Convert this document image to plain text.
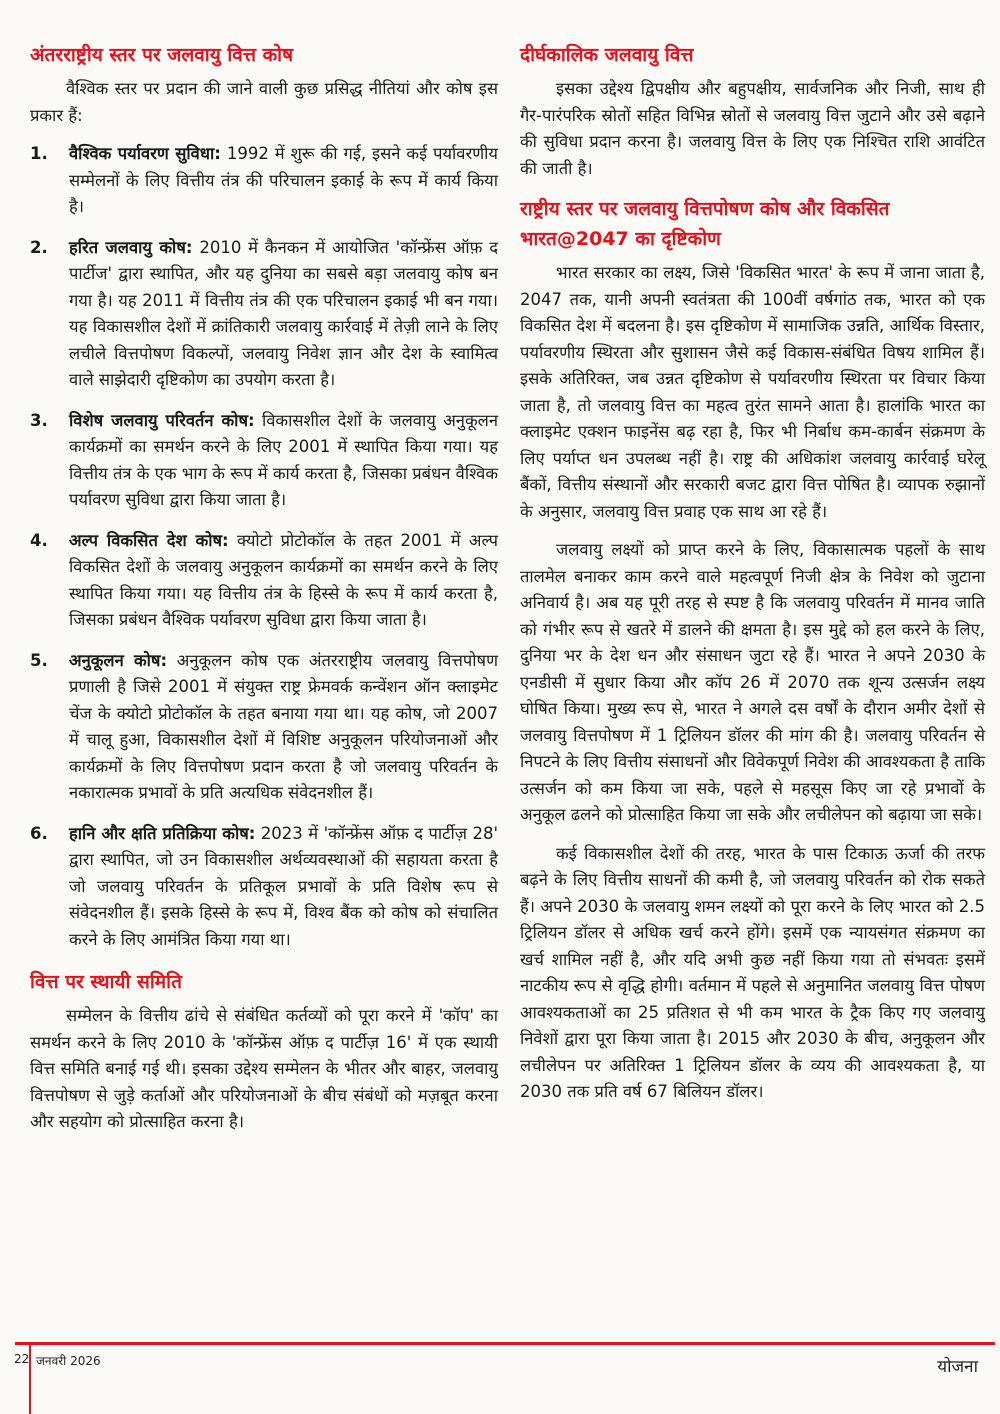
अंतरराष्ट्रीय स्तर पर जलवायु वित्त कोष

वैश्विक स्तर पर प्रदान की जाने वाली कुछ प्रसिद्ध नीतियां और कोष इस प्रकार हैं:

1. वैश्विक पर्यावरण सुविधा: 1992 में शुरू की गई, इसने कई पर्यावरणीय सम्मेलनों के लिए वित्तीय तंत्र की परिचालन इकाई के रूप में कार्य किया है।
2. हरित जलवायु कोष: 2010 में कैनकन में आयोजित 'कॉन्फ्रेंस ऑफ़ द पार्टीज' द्वारा स्थापित, और यह दुनिया का सबसे बड़ा जलवायु कोष बन गया है। यह 2011 में वित्तीय तंत्र की एक परिचालन इकाई भी बन गया। यह विकासशील देशों में क्रांतिकारी जलवायु कार्रवाई में तेज़ी लाने के लिए लचीले वित्तपोषण विकल्पों, जलवायु निवेश ज्ञान और देश के स्वामित्व वाले साझेदारी दृष्टिकोण का उपयोग करता है।
3. विशेष जलवायु परिवर्तन कोष: विकासशील देशों के जलवायु अनुकूलन कार्यक्रमों का समर्थन करने के लिए 2001 में स्थापित किया गया। यह वित्तीय तंत्र के एक भाग के रूप में कार्य करता है, जिसका प्रबंधन वैश्विक पर्यावरण सुविधा द्वारा किया जाता है।
4. अल्प विकसित देश कोष: क्योटो प्रोटोकॉल के तहत 2001 में अल्प विकसित देशों के जलवायु अनुकूलन कार्यक्रमों का समर्थन करने के लिए स्थापित किया गया। यह वित्तीय तंत्र के हिस्से के रूप में कार्य करता है, जिसका प्रबंधन वैश्विक पर्यावरण सुविधा द्वारा किया जाता है।
5. अनुकूलन कोष: अनुकूलन कोष एक अंतरराष्ट्रीय जलवायु वित्तपोषण प्रणाली है जिसे 2001 में संयुक्त राष्ट्र फ्रेमवर्क कन्वेंशन ऑन क्लाइमेट चेंज के क्योटो प्रोटोकॉल के तहत बनाया गया था। यह कोष, जो 2007 में चालू हुआ, विकासशील देशों में विशिष्ट अनुकूलन परियोजनाओं और कार्यक्रमों के लिए वित्तपोषण प्रदान करता है जो जलवायु परिवर्तन के नकारात्मक प्रभावों के प्रति अत्यधिक संवेदनशील हैं।
6. हानि और क्षति प्रतिक्रिया कोष: 2023 में 'कॉन्फ्रेंस ऑफ़ द पार्टीज़ 28' द्वारा स्थापित, जो उन विकासशील अर्थव्यवस्थाओं की सहायता करता है जो जलवायु परिवर्तन के प्रतिकूल प्रभावों के प्रति विशेष रूप से संवेदनशील हैं। इसके हिस्से के रूप में, विश्व बैंक को कोष को संचालित करने के लिए आमंत्रित किया गया था।
वित्त पर स्थायी समिति

सम्मेलन के वित्तीय ढांचे से संबंधित कर्तव्यों को पूरा करने में 'कॉप' का समर्थन करने के लिए 2010 के 'कॉन्फ्रेंस ऑफ़ द पार्टीज़ 16' में एक स्थायी वित्त समिति बनाई गई थी। इसका उद्देश्य सम्मेलन के भीतर और बाहर, जलवायु वित्तपोषण से जुड़े कर्ताओं और परियोजनाओं के बीच संबंधों को मज़बूत करना और सहयोग को प्रोत्साहित करना है।

दीर्घकालिक जलवायु वित्त

इसका उद्देश्य द्विपक्षीय और बहुपक्षीय, सार्वजनिक और निजी, साथ ही गैर-पारंपरिक स्रोतों सहित विभिन्न स्रोतों से जलवायु वित्त जुटाने और उसे बढ़ाने की सुविधा प्रदान करना है। जलवायु वित्त के लिए एक निश्चित राशि आवंटित की जाती है।

राष्ट्रीय स्तर पर जलवायु वित्तपोषण कोष और विकसित भारत@2047 का दृष्टिकोण

भारत सरकार का लक्ष्य, जिसे 'विकसित भारत' के रूप में जाना जाता है, 2047 तक, यानी अपनी स्वतंत्रता की 100वीं वर्षगांठ तक, भारत को एक विकसित देश में बदलना है। इस दृष्टिकोण में सामाजिक उन्नति, आर्थिक विस्तार, पर्यावरणीय स्थिरता और सुशासन जैसे कई विकास-संबंधित विषय शामिल हैं। इसके अतिरिक्त, जब उन्नत दृष्टिकोण से पर्यावरणीय स्थिरता पर विचार किया जाता है, तो जलवायु वित्त का महत्व तुरंत सामने आता है। हालांकि भारत का क्लाइमेट एक्शन फाइनेंस बढ़ रहा है, फिर भी निर्बाध कम-कार्बन संक्रमण के लिए पर्याप्त धन उपलब्ध नहीं है। राष्ट्र की अधिकांश जलवायु कार्रवाई घरेलू बैंकों, वित्तीय संस्थानों और सरकारी बजट द्वारा वित्त पोषित है। व्यापक रुझानों के अनुसार, जलवायु वित्त प्रवाह एक साथ आ रहे हैं।

जलवायु लक्ष्यों को प्राप्त करने के लिए, विकासात्मक पहलों के साथ तालमेल बनाकर काम करने वाले महत्वपूर्ण निजी क्षेत्र के निवेश को जुटाना अनिवार्य है। अब यह पूरी तरह से स्पष्ट है कि जलवायु परिवर्तन में मानव जाति को गंभीर रूप से खतरे में डालने की क्षमता है। इस मुद्दे को हल करने के लिए, दुनिया भर के देश धन और संसाधन जुटा रहे हैं। भारत ने अपने 2030 के एनडीसी में सुधार किया और कॉप 26 में 2070 तक शून्य उत्सर्जन लक्ष्य घोषित किया। मुख्य रूप से, भारत ने अगले दस वर्षों के दौरान अमीर देशों से जलवायु वित्तपोषण में 1 ट्रिलियन डॉलर की मांग की है। जलवायु परिवर्तन से निपटने के लिए वित्तीय संसाधनों और विवेकपूर्ण निवेश की आवश्यकता है ताकि उत्सर्जन को कम किया जा सके, पहले से महसूस किए जा रहे प्रभावों के अनुकूल ढलने को प्रोत्साहित किया जा सके और लचीलेपन को बढ़ाया जा सके।

कई विकासशील देशों की तरह, भारत के पास टिकाऊ ऊर्जा की तरफ बढ़ने के लिए वित्तीय साधनों की कमी है, जो जलवायु परिवर्तन को रोक सकते हैं। अपने 2030 के जलवायु शमन लक्ष्यों को पूरा करने के लिए भारत को 2.5 ट्रिलियन डॉलर से अधिक खर्च करने होंगे। इसमें एक न्यायसंगत संक्रमण का खर्च शामिल नहीं है, और यदि अभी कुछ नहीं किया गया तो संभवतः इसमें नाटकीय रूप से वृद्धि होगी। वर्तमान में पहले से अनुमानित जलवायु वित्त पोषण आवश्यकताओं का 25 प्रतिशत से भी कम भारत के ट्रैक किए गए जलवायु निवेशों द्वारा पूरा किया जाता है। 2015 और 2030 के बीच, अनुकूलन और लचीलेपन पर अतिरिक्त 1 ट्रिलियन डॉलर के व्यय की आवश्यकता है, या 2030 तक प्रति वर्ष 67 बिलियन डॉलर।

22 जनवरी 2026	योजना
